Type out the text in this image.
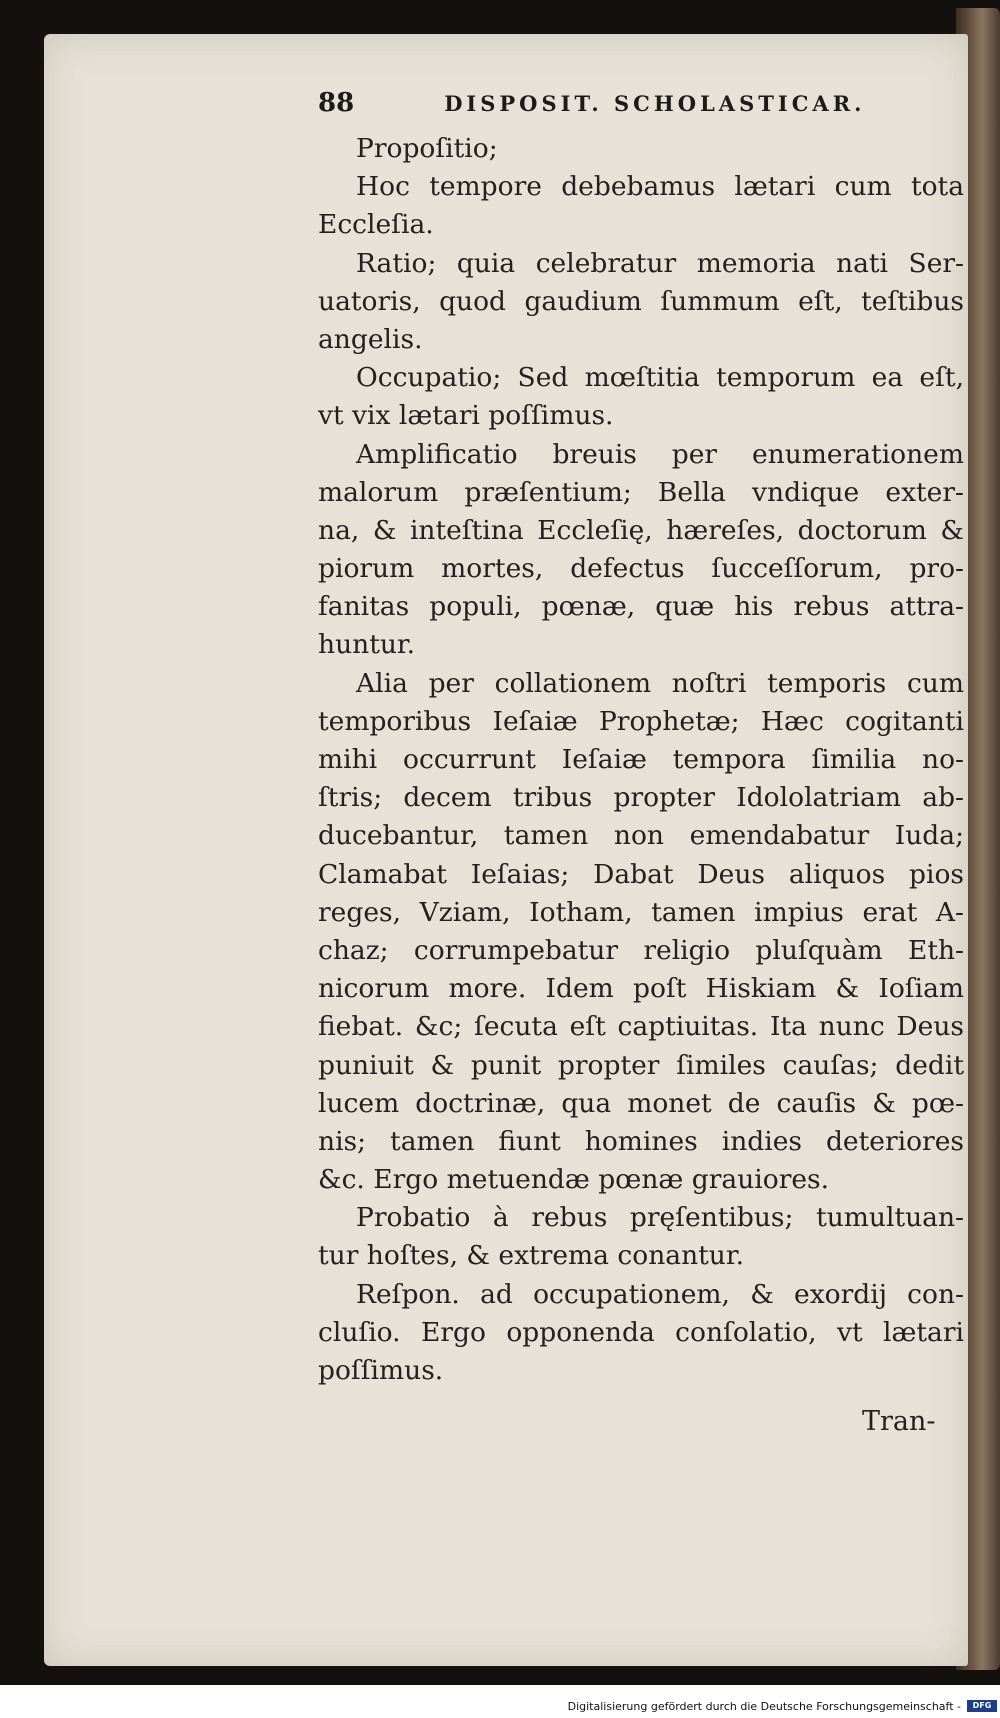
88	DISPOSIT. SCHOLASTICAR.
Propoſitio;
Hoc tempore debebamus lætari cum tota
Eccleſia.
Ratio; quia celebratur memoria nati Ser-
uatoris, quod gaudium ſummum eſt, teſtibus
angelis.
Occupatio; Sed mœſtitia temporum ea eſt,
vt vix lætari poſſimus.
Amplificatio breuis per enumerationem
malorum præſentium; Bella vndique exter-
na, & inteſtina Eccleſię, hæreſes, doctorum &
piorum mortes, defectus ſucceſſorum, pro-
fanitas populi, pœnæ, quæ his rebus attra-
huntur.
Alia per collationem noſtri temporis cum
temporibus Ieſaiæ Prophetæ; Hæc cogitanti
mihi occurrunt Ieſaiæ tempora ſimilia no-
ſtris; decem tribus propter Idololatriam ab-
ducebantur, tamen non emendabatur Iuda;
Clamabat Ieſaias; Dabat Deus aliquos pios
reges, Vziam, Iotham, tamen impius erat A-
chaz; corrumpebatur religio pluſquàm Eth-
nicorum more. Idem poſt Hiskiam & Ioſiam
fiebat. &c; ſecuta eſt captiuitas. Ita nunc Deus
puniuit & punit propter ſimiles cauſas; dedit
lucem doctrinæ, qua monet de cauſis & pœ-
nis; tamen fiunt homines indies deteriores
&c. Ergo metuendæ pœnæ grauiores.
Probatio à rebus pręſentibus; tumultuan-
tur hoſtes, & extrema conantur.
Reſpon. ad occupationem, & exordij con-
cluſio. Ergo opponenda conſolatio, vt lætari
poſſimus.
Tran-
Digitalisierung gefördert durch die Deutsche Forschungsgemeinschaft -	DFG
